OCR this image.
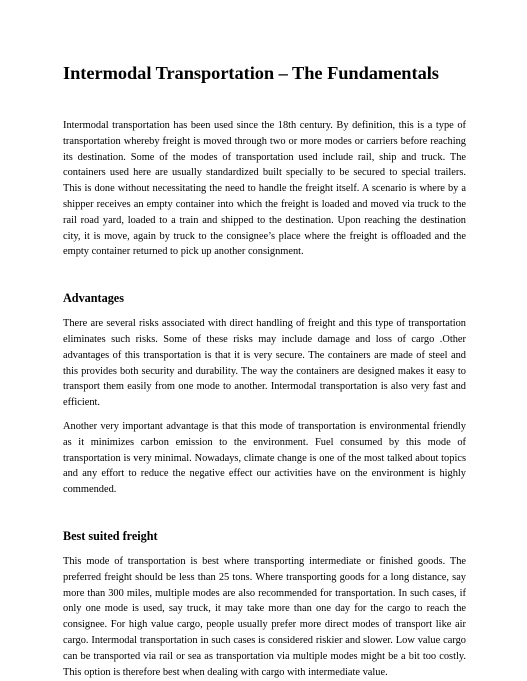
Intermodal Transportation – The Fundamentals

Intermodal transportation has been used since the 18th century. By definition, this is a type of transportation whereby freight is moved through two or more modes or carriers before reaching its destination. Some of the modes of transportation used include rail, ship and truck. The containers used here are usually standardized built specially to be secured to special trailers. This is done without necessitating the need to handle the freight itself. A scenario is where by a shipper receives an empty container into which the freight is loaded and moved via truck to the rail road yard, loaded to a train and shipped to the destination. Upon reaching the destination city, it is move, again by truck to the consignee’s place where the freight is offloaded and the empty container returned to pick up another consignment.

Advantages

There are several risks associated with direct handling of freight and this type of transportation eliminates such risks. Some of these risks may include damage and loss of cargo .Other advantages of this transportation is that it is very secure. The containers are made of steel and this provides both security and durability. The way the containers are designed makes it easy to transport them easily from one mode to another. Intermodal transportation is also very fast and efficient.

Another very important advantage is that this mode of transportation is environmental friendly as it minimizes carbon emission to the environment. Fuel consumed by this mode of transportation is very minimal. Nowadays, climate change is one of the most talked about topics and any effort to reduce the negative effect our activities have on the environment is highly commended.

Best suited freight

This mode of transportation is best where transporting intermediate or finished goods. The preferred freight should be less than 25 tons. Where transporting goods for a long distance, say more than 300 miles, multiple modes are also recommended for transportation. In such cases, if only one mode is used, say truck, it may take more than one day for the cargo to reach the consignee. For high value cargo, people usually prefer more direct modes of transport like air cargo. Intermodal transportation in such cases is considered riskier and slower. Low value cargo can be transported via rail or sea as transportation via multiple modes might be a bit too costly. This option is therefore best when dealing with cargo with intermediate value.
